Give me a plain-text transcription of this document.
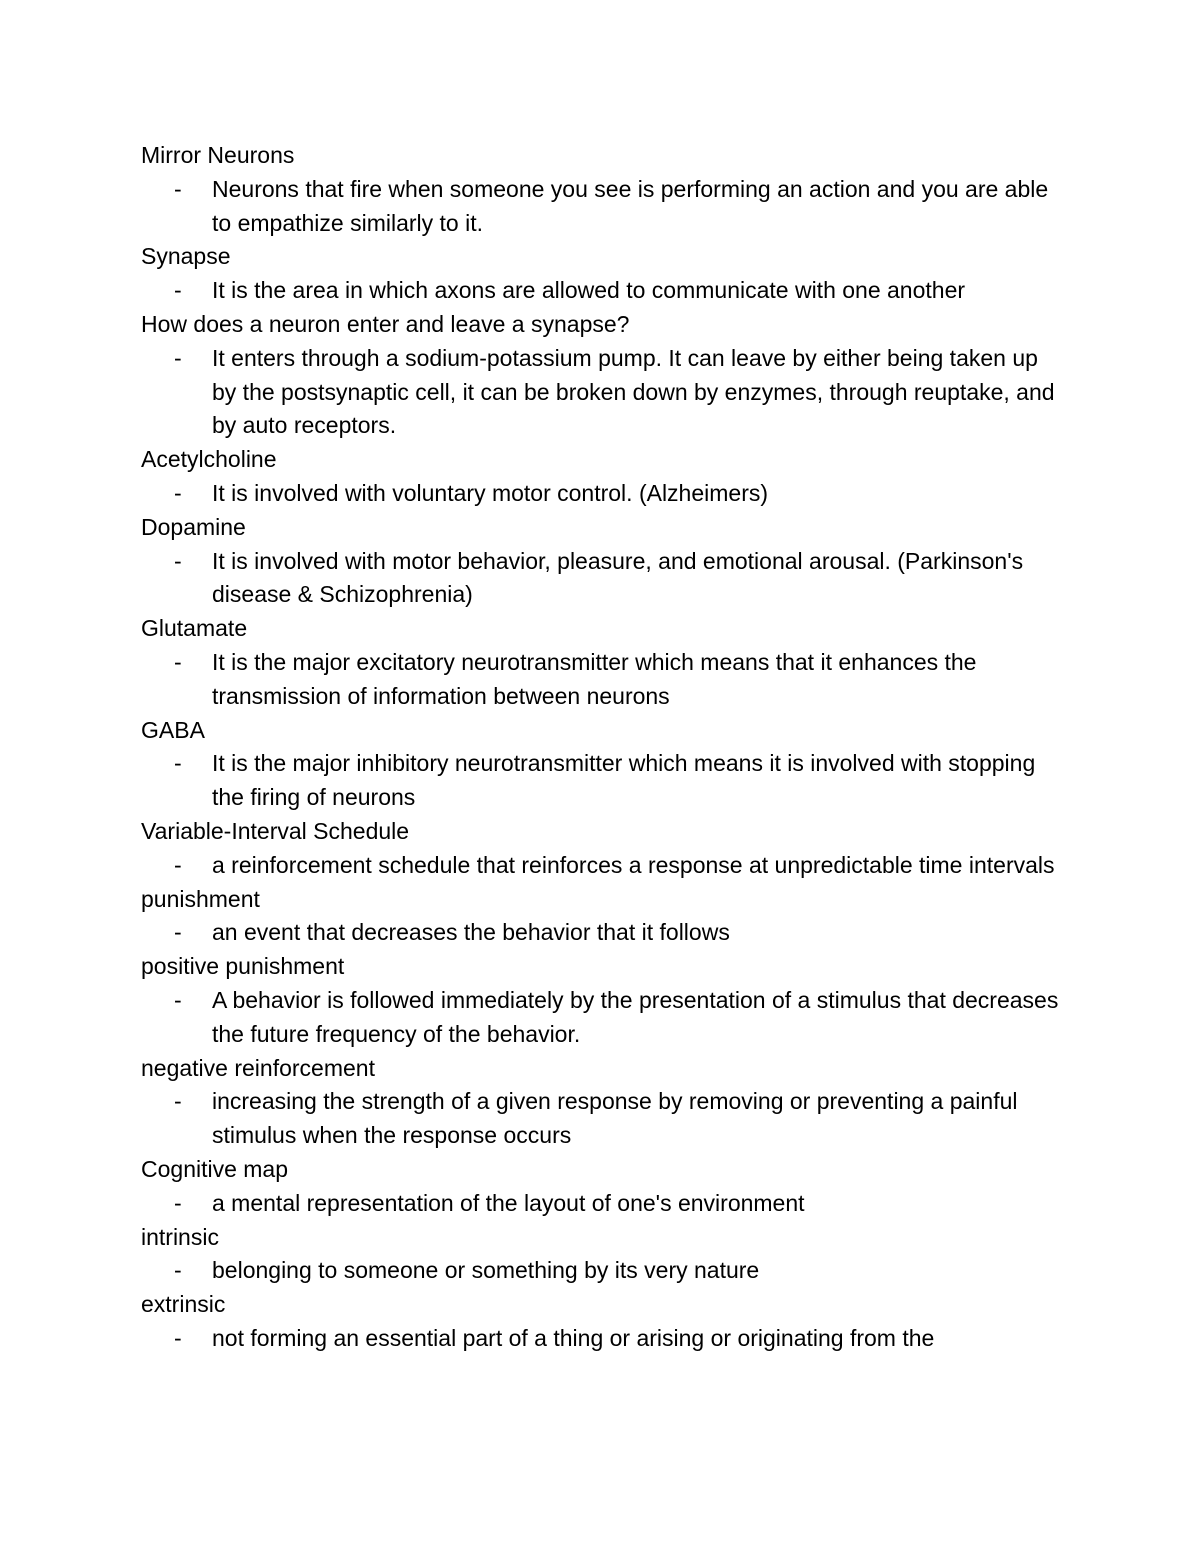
Mirror Neurons
- Neurons that fire when someone you see is performing an action and you are able to empathize similarly to it.
Synapse
- It is the area in which axons are allowed to communicate with one another
How does a neuron enter and leave a synapse?
- It enters through a sodium-potassium pump. It can leave by either being taken up by the postsynaptic cell, it can be broken down by enzymes, through reuptake, and by auto receptors.
Acetylcholine
- It is involved with voluntary motor control. (Alzheimers)
Dopamine
- It is involved with motor behavior, pleasure, and emotional arousal. (Parkinson's disease & Schizophrenia)
Glutamate
- It is the major excitatory neurotransmitter which means that it enhances the transmission of information between neurons
GABA
- It is the major inhibitory neurotransmitter which means it is involved with stopping the firing of neurons
Variable-Interval Schedule
- a reinforcement schedule that reinforces a response at unpredictable time intervals
punishment
- an event that decreases the behavior that it follows
positive punishment
- A behavior is followed immediately by the presentation of a stimulus that decreases the future frequency of the behavior.
negative reinforcement
- increasing the strength of a given response by removing or preventing a painful stimulus when the response occurs
Cognitive map
- a mental representation of the layout of one's environment
intrinsic
- belonging to someone or something by its very nature
extrinsic
- not forming an essential part of a thing or arising or originating from the
